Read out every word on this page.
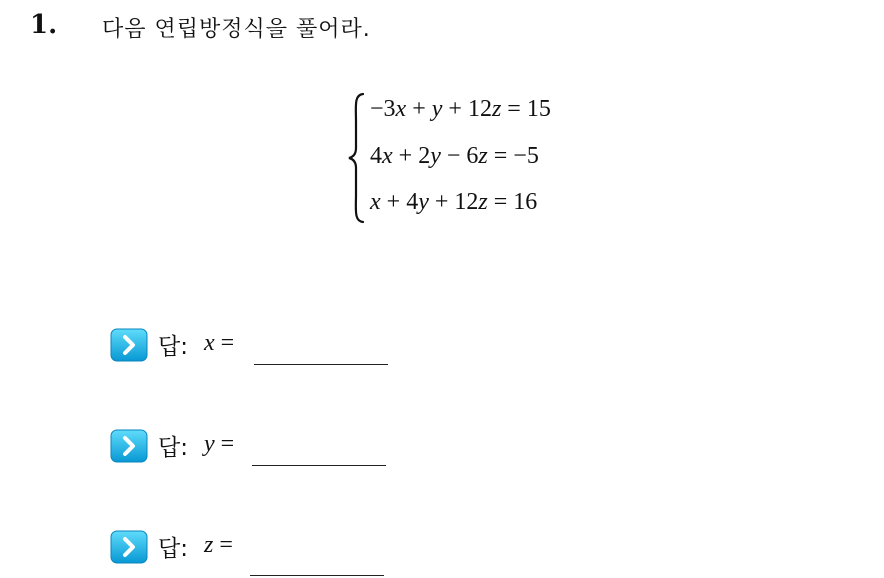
1. 다음 연립방정식을 풀어라.
−3x + y + 12z = 15
4x + 2y − 6z = −5
x + 4y + 12z = 16
답: x =
답: y =
답: z =
